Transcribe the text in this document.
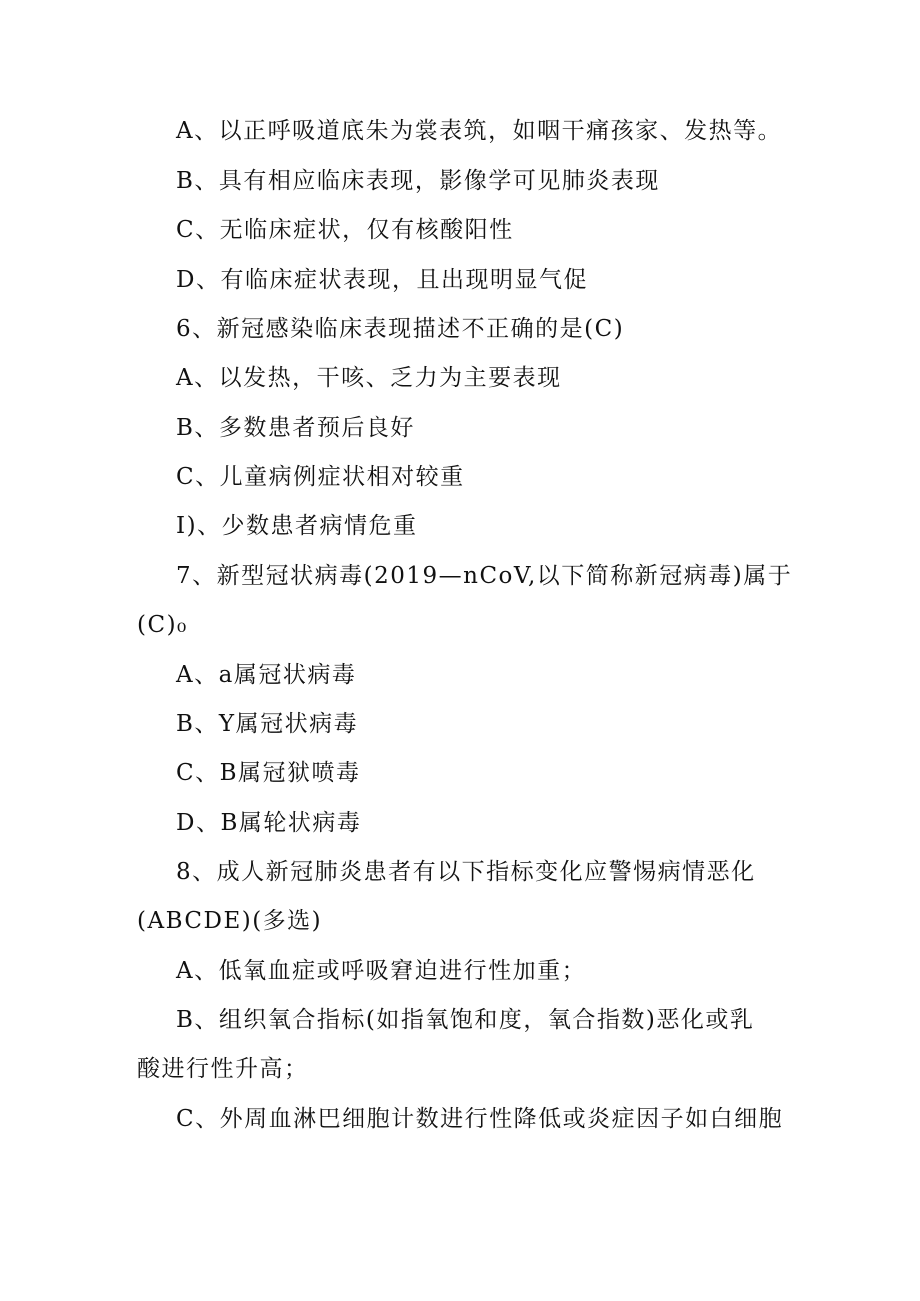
A、以正呼吸道底朱为裳表筑，如咽干痛孩家、发热等。
B、具有相应临床表现，影像学可见肺炎表现
C、无临床症状，仅有核酸阳性
D、有临床症状表现，且出现明显气促
6、新冠感染临床表现描述不正确的是(C)
A、以发热，干咳、乏力为主要表现
B、多数患者预后良好
C、儿童病例症状相对较重
I)、少数患者病情危重
7、新型冠状病毒(2019—nCoV,以下简称新冠病毒)属于
(C)₀
A、a属冠状病毒
B、Y属冠状病毒
C、B属冠狱喷毒
D、B属轮状病毒
8、成人新冠肺炎患者有以下指标变化应警惕病情恶化
(ABCDE)(多选)
A、低氧血症或呼吸窘迫进行性加重；
B、组织氧合指标(如指氧饱和度，氧合指数)恶化或乳
酸进行性升高；
C、外周血淋巴细胞计数进行性降低或炎症因子如白细胞
